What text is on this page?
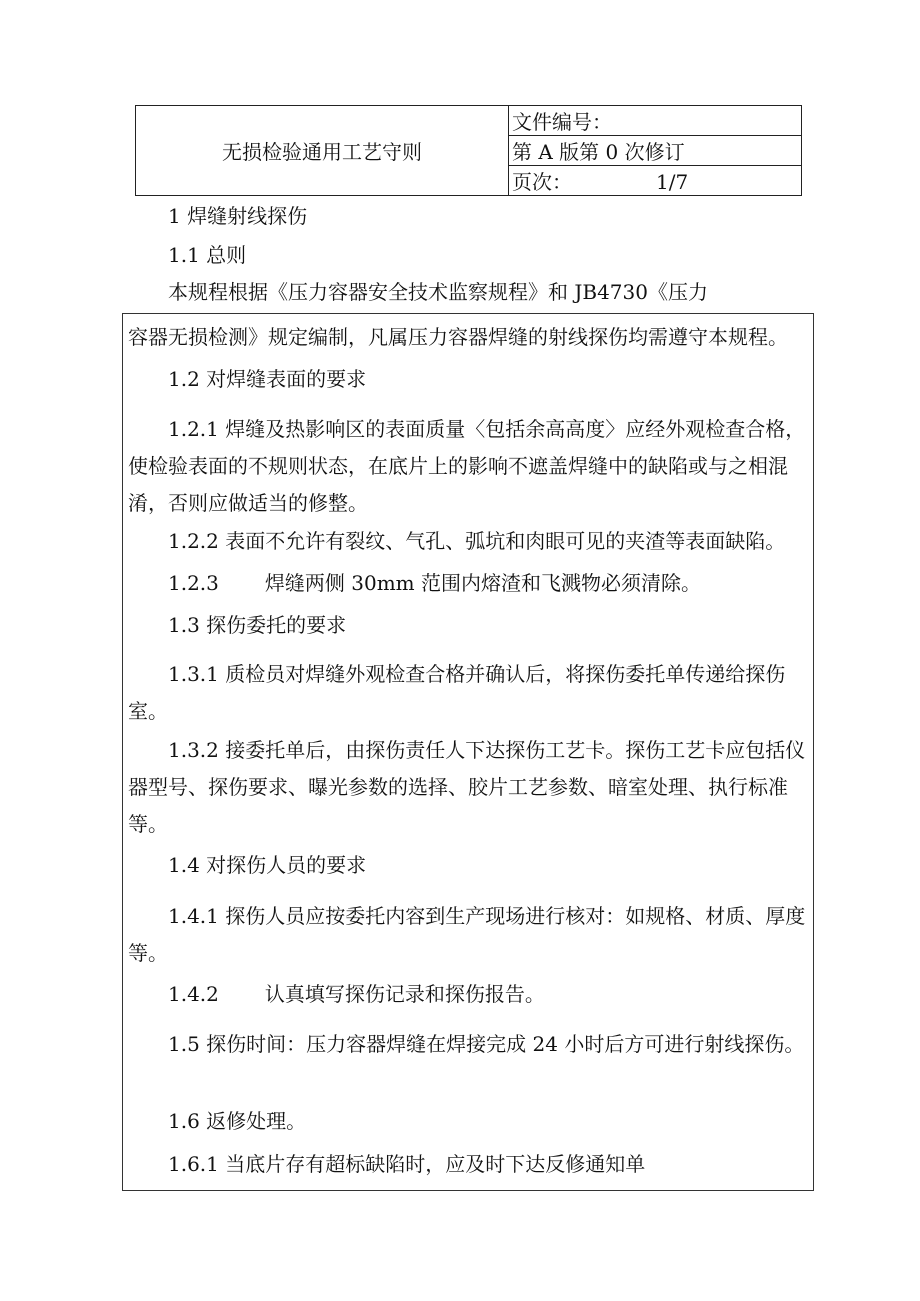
无损检验通用工艺守则	文件编号：
第 A 版第 0 次修订
页次：	1/7
1 焊缝射线探伤
1.1 总则
本规程根据《压力容器安全技术监察规程》和 JB4730《压力

容器无损检测》规定编制，凡属压力容器焊缝的射线探伤均需遵守本规程。

1.2 对焊缝表面的要求

1.2.1 焊缝及热影响区的表面质量〈包括余高高度〉应经外观检查合格，使检验表面的不规则状态，在底片上的影响不遮盖焊缝中的缺陷或与之相混淆，否则应做适当的修整。

1.2.2 表面不允许有裂纹、气孔、弧坑和肉眼可见的夹渣等表面缺陷。

1.2.3 焊缝两侧 30mm 范围内熔渣和飞溅物必须清除。

1.3 探伤委托的要求

1.3.1 质检员对焊缝外观检查合格并确认后，将探伤委托单传递给探伤室。

1.3.2 接委托单后，由探伤责任人下达探伤工艺卡。探伤工艺卡应包括仪器型号、探伤要求、曝光参数的选择、胶片工艺参数、暗室处理、执行标准等。

1.4 对探伤人员的要求

1.4.1 探伤人员应按委托内容到生产现场进行核对：如规格、材质、厚度等。

1.4.2 认真填写探伤记录和探伤报告。

1.5 探伤时间：压力容器焊缝在焊接完成 24 小时后方可进行射线探伤。

1.6 返修处理。

1.6.1 当底片存有超标缺陷时，应及时下达反修通知单
